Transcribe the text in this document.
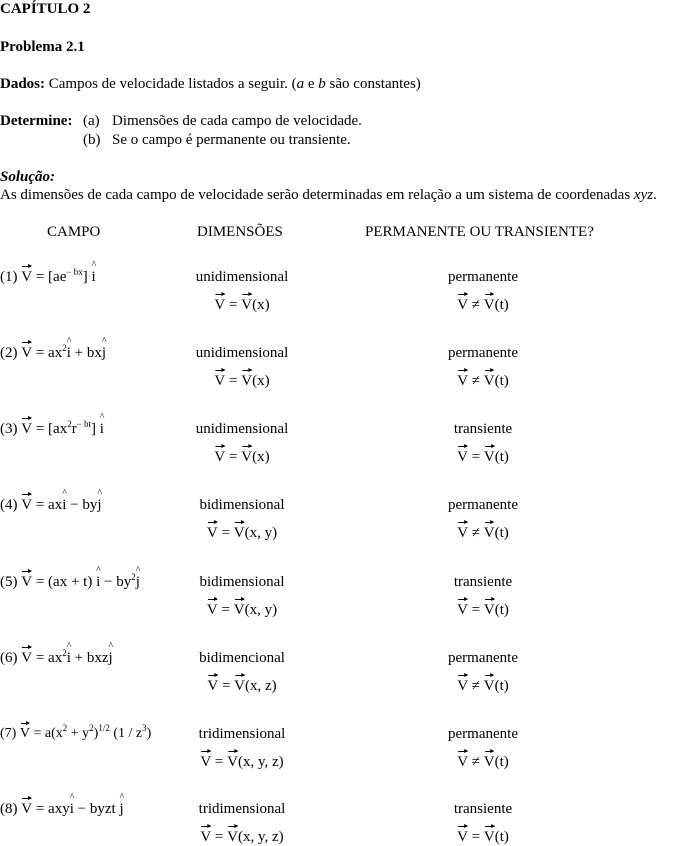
CAPÍTULO 2
Problema 2.1
Dados: Campos de velocidade listados a seguir. (a e b são constantes)
Determine: (a) Dimensões de cada campo de velocidade.
(b) Se o campo é permanente ou transiente.
Solução:
As dimensões de cada campo de velocidade serão determinadas em relação a um sistema de coordenadas xyz.
CAMPO	DIMENSÕES	PERMANENTE OU TRANSIENTE?
(1) $V = [ae^{- bx}]$ ^ i
(2) $V = ax^2\^{}$ i + bx^ j
(3) $V = [ax^2r^{- bt}]$ ^ i
(4) V = ax^ i − by^ j
(5) V = (ax + t) ^ $i - by^2\^{}$ j
(6) $V = ax^2\^{}$ i + bxz^ j
(7) $V = a(x^2 + y^2)^{1/2}$ $(1 / z^3)$
(8) V = axy^ i − byzt ^ j
unidimensional
V = V(x)
permanente
V ≠ V(t)
unidimensional
V = V(x)
permanente
V ≠ V(t)
unidimensional
V = V(x)
transiente
V = V(t)
bidimensional
V = V(x, y)
permanente
V ≠ V(t)
bidimensional
V = V(x, y)
transiente
V = V(t)
bidimencional
V = V(x, z)
permanente
V ≠ V(t)
tridimensional
V = V(x, y, z)
permanente
V ≠ V(t)
tridimensional
V = V(x, y, z)
transiente
V = V(t)
